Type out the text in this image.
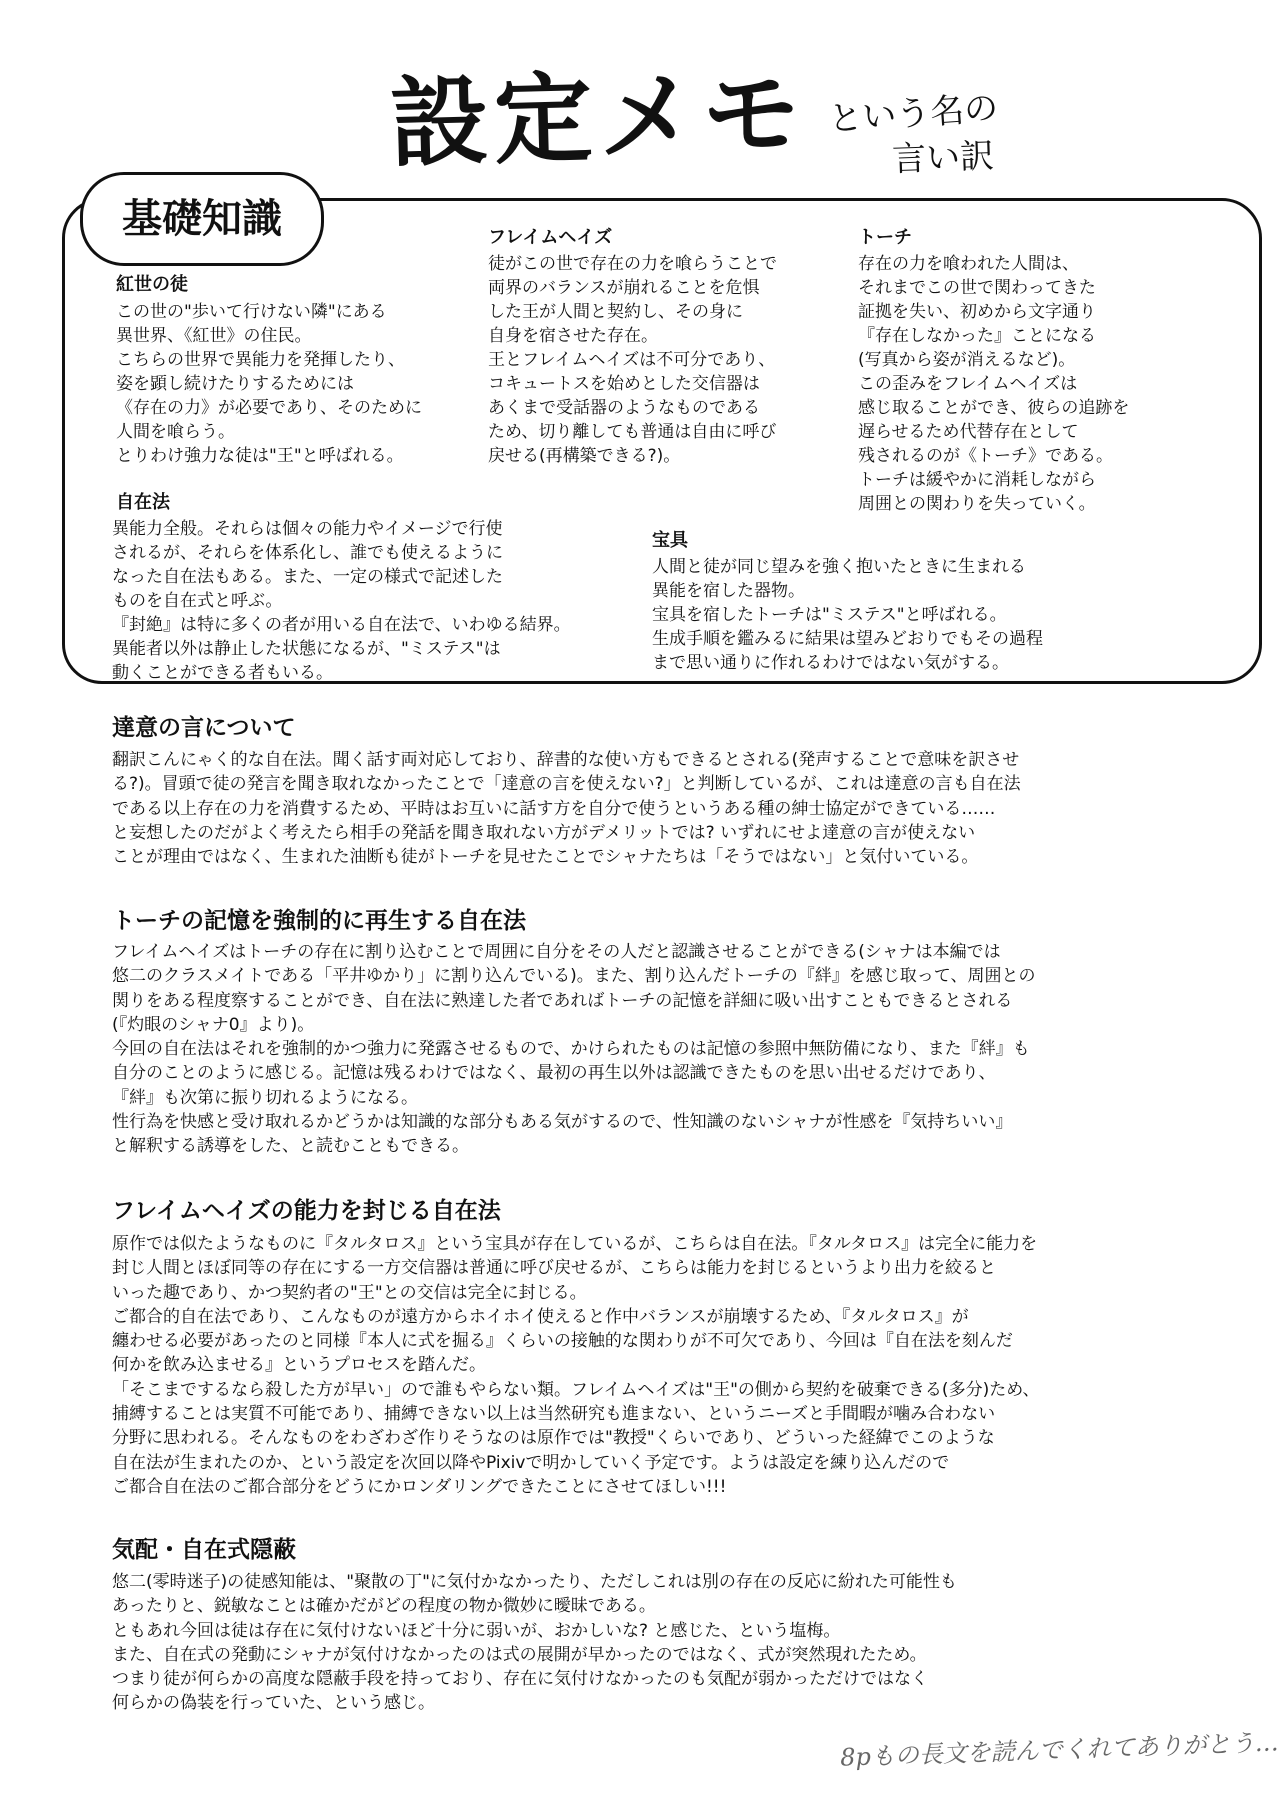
設定メモ という名の
言い訳
基礎知識
紅世の徒
この世の"歩いて行けない隣"にある
異世界、《紅世》の住民。
こちらの世界で異能力を発揮したり、
姿を顕し続けたりするためには
《存在の力》が必要であり、そのために
人間を喰らう。
とりわけ強力な徒は"王"と呼ばれる。
自在法
異能力全般。それらは個々の能力やイメージで行使
されるが、それらを体系化し、誰でも使えるように
なった自在法もある。また、一定の様式で記述した
ものを自在式と呼ぶ。
『封絶』は特に多くの者が用いる自在法で、いわゆる結界。
異能者以外は静止した状態になるが、"ミステス"は
動くことができる者もいる。
フレイムヘイズ
徒がこの世で存在の力を喰らうことで
両界のバランスが崩れることを危惧
した王が人間と契約し、その身に
自身を宿させた存在。
王とフレイムヘイズは不可分であり、
コキュートスを始めとした交信器は
あくまで受話器のようなものである
ため、切り離しても普通は自由に呼び
戻せる(再構築できる?)。
トーチ
存在の力を喰われた人間は、
それまでこの世で関わってきた
証拠を失い、初めから文字通り
『存在しなかった』ことになる
(写真から姿が消えるなど)。
この歪みをフレイムヘイズは
感じ取ることができ、彼らの追跡を
遅らせるため代替存在として
残されるのが《トーチ》である。
トーチは緩やかに消耗しながら
周囲との関わりを失っていく。
宝具
人間と徒が同じ望みを強く抱いたときに生まれる
異能を宿した器物。
宝具を宿したトーチは"ミステス"と呼ばれる。
生成手順を鑑みるに結果は望みどおりでもその過程
まで思い通りに作れるわけではない気がする。
達意の言について
翻訳こんにゃく的な自在法。聞く話す両対応しており、辞書的な使い方もできるとされる(発声することで意味を訳させ
る?)。冒頭で徒の発言を聞き取れなかったことで「達意の言を使えない?」と判断しているが、これは達意の言も自在法
である以上存在の力を消費するため、平時はお互いに話す方を自分で使うというある種の紳士協定ができている……
と妄想したのだがよく考えたら相手の発話を聞き取れない方がデメリットでは? いずれにせよ達意の言が使えない
ことが理由ではなく、生まれた油断も徒がトーチを見せたことでシャナたちは「そうではない」と気付いている。
トーチの記憶を強制的に再生する自在法
フレイムヘイズはトーチの存在に割り込むことで周囲に自分をその人だと認識させることができる(シャナは本編では
悠二のクラスメイトである「平井ゆかり」に割り込んでいる)。また、割り込んだトーチの『絆』を感じ取って、周囲との
関りをある程度察することができ、自在法に熟達した者であればトーチの記憶を詳細に吸い出すこともできるとされる
(『灼眼のシャナ0』より)。
今回の自在法はそれを強制的かつ強力に発露させるもので、かけられたものは記憶の参照中無防備になり、また『絆』も
自分のことのように感じる。記憶は残るわけではなく、最初の再生以外は認識できたものを思い出せるだけであり、
『絆』も次第に振り切れるようになる。
性行為を快感と受け取れるかどうかは知識的な部分もある気がするので、性知識のないシャナが性感を『気持ちいい』
と解釈する誘導をした、と読むこともできる。
フレイムヘイズの能力を封じる自在法
原作では似たようなものに『タルタロス』という宝具が存在しているが、こちらは自在法。『タルタロス』は完全に能力を
封じ人間とほぼ同等の存在にする一方交信器は普通に呼び戻せるが、こちらは能力を封じるというより出力を絞ると
いった趣であり、かつ契約者の"王"との交信は完全に封じる。
ご都合的自在法であり、こんなものが遠方からホイホイ使えると作中バランスが崩壊するため、『タルタロス』が
纏わせる必要があったのと同様『本人に式を掘る』くらいの接触的な関わりが不可欠であり、今回は『自在法を刻んだ
何かを飲み込ませる』というプロセスを踏んだ。
「そこまでするなら殺した方が早い」ので誰もやらない類。フレイムヘイズは"王"の側から契約を破棄できる(多分)ため、
捕縛することは実質不可能であり、捕縛できない以上は当然研究も進まない、というニーズと手間暇が噛み合わない
分野に思われる。そんなものをわざわざ作りそうなのは原作では"教授"くらいであり、どういった経緯でこのような
自在法が生まれたのか、という設定を次回以降やPixivで明かしていく予定です。ようは設定を練り込んだので
ご都合自在法のご都合部分をどうにかロンダリングできたことにさせてほしい!!!
気配・自在式隠蔽
悠二(零時迷子)の徒感知能は、"聚散の丁"に気付かなかったり、ただしこれは別の存在の反応に紛れた可能性も
あったりと、鋭敏なことは確かだがどの程度の物か微妙に曖昧である。
ともあれ今回は徒は存在に気付けないほど十分に弱いが、おかしいな? と感じた、という塩梅。
また、自在式の発動にシャナが気付けなかったのは式の展開が早かったのではなく、式が突然現れたため。
つまり徒が何らかの高度な隠蔽手段を持っており、存在に気付けなかったのも気配が弱かっただけではなく
何らかの偽装を行っていた、という感じ。
8pもの長文を読んでくれてありがとう…
